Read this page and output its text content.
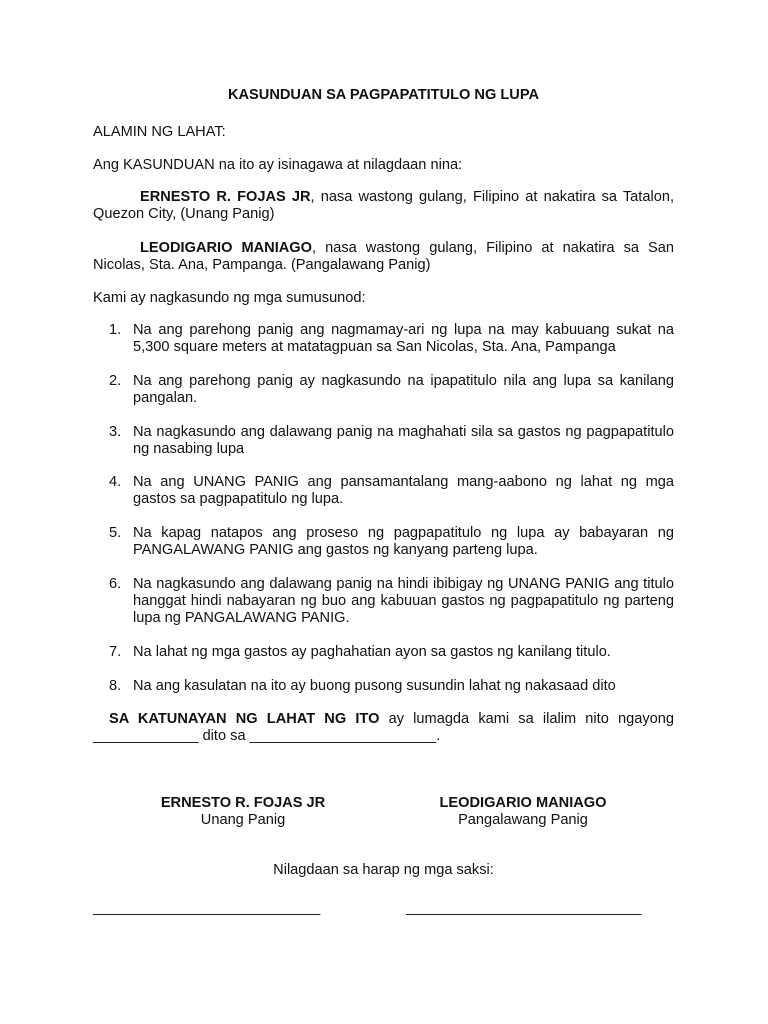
KASUNDUAN SA PAGPAPATITULO NG LUPA

ALAMIN NG LAHAT:

Ang KASUNDUAN na ito ay isinagawa at nilagdaan nina:

ERNESTO R. FOJAS JR, nasa wastong gulang, Filipino at nakatira sa Tatalon, Quezon City, (Unang Panig)

LEODIGARIO MANIAGO, nasa wastong gulang, Filipino at nakatira sa San Nicolas, Sta. Ana, Pampanga. (Pangalawang Panig)

Kami ay nagkasundo ng mga sumusunod:

1. Na ang parehong panig ang nagmamay-ari ng lupa na may kabuuang sukat na 5,300 square meters at matatagpuan sa San Nicolas, Sta. Ana, Pampanga
2. Na ang parehong panig ay nagkasundo na ipapatitulo nila ang lupa sa kanilang pangalan.
3. Na nagkasundo ang dalawang panig na maghahati sila sa gastos ng pagpapatitulo ng nasabing lupa
4. Na ang UNANG PANIG ang pansamantalang mang-aabono ng lahat ng mga gastos sa pagpapatitulo ng lupa.
5. Na kapag natapos ang proseso ng pagpapatitulo ng lupa ay babayaran ng PANGALAWANG PANIG ang gastos ng kanyang parteng lupa.
6. Na nagkasundo ang dalawang panig na hindi ibibigay ng UNANG PANIG ang titulo hanggat hindi nabayaran ng buo ang kabuuan gastos ng pagpapatitulo ng parteng lupa ng PANGALAWANG PANIG.
7. Na lahat ng mga gastos ay paghahatian ayon sa gastos ng kanilang titulo.
8. Na ang kasulatan na ito ay buong pusong susundin lahat ng nakasaad dito

SA KATUNAYAN NG LAHAT NG ITO ay lumagda kami sa ilalim nito ngayong _____________ dito sa _______________________.

ERNESTO R. FOJAS JR
Unang Panig
LEODIGARIO MANIAGO
Pangalawang Panig
Nilagdaan sa harap ng mga saksi:
____________________________	_____________________________
